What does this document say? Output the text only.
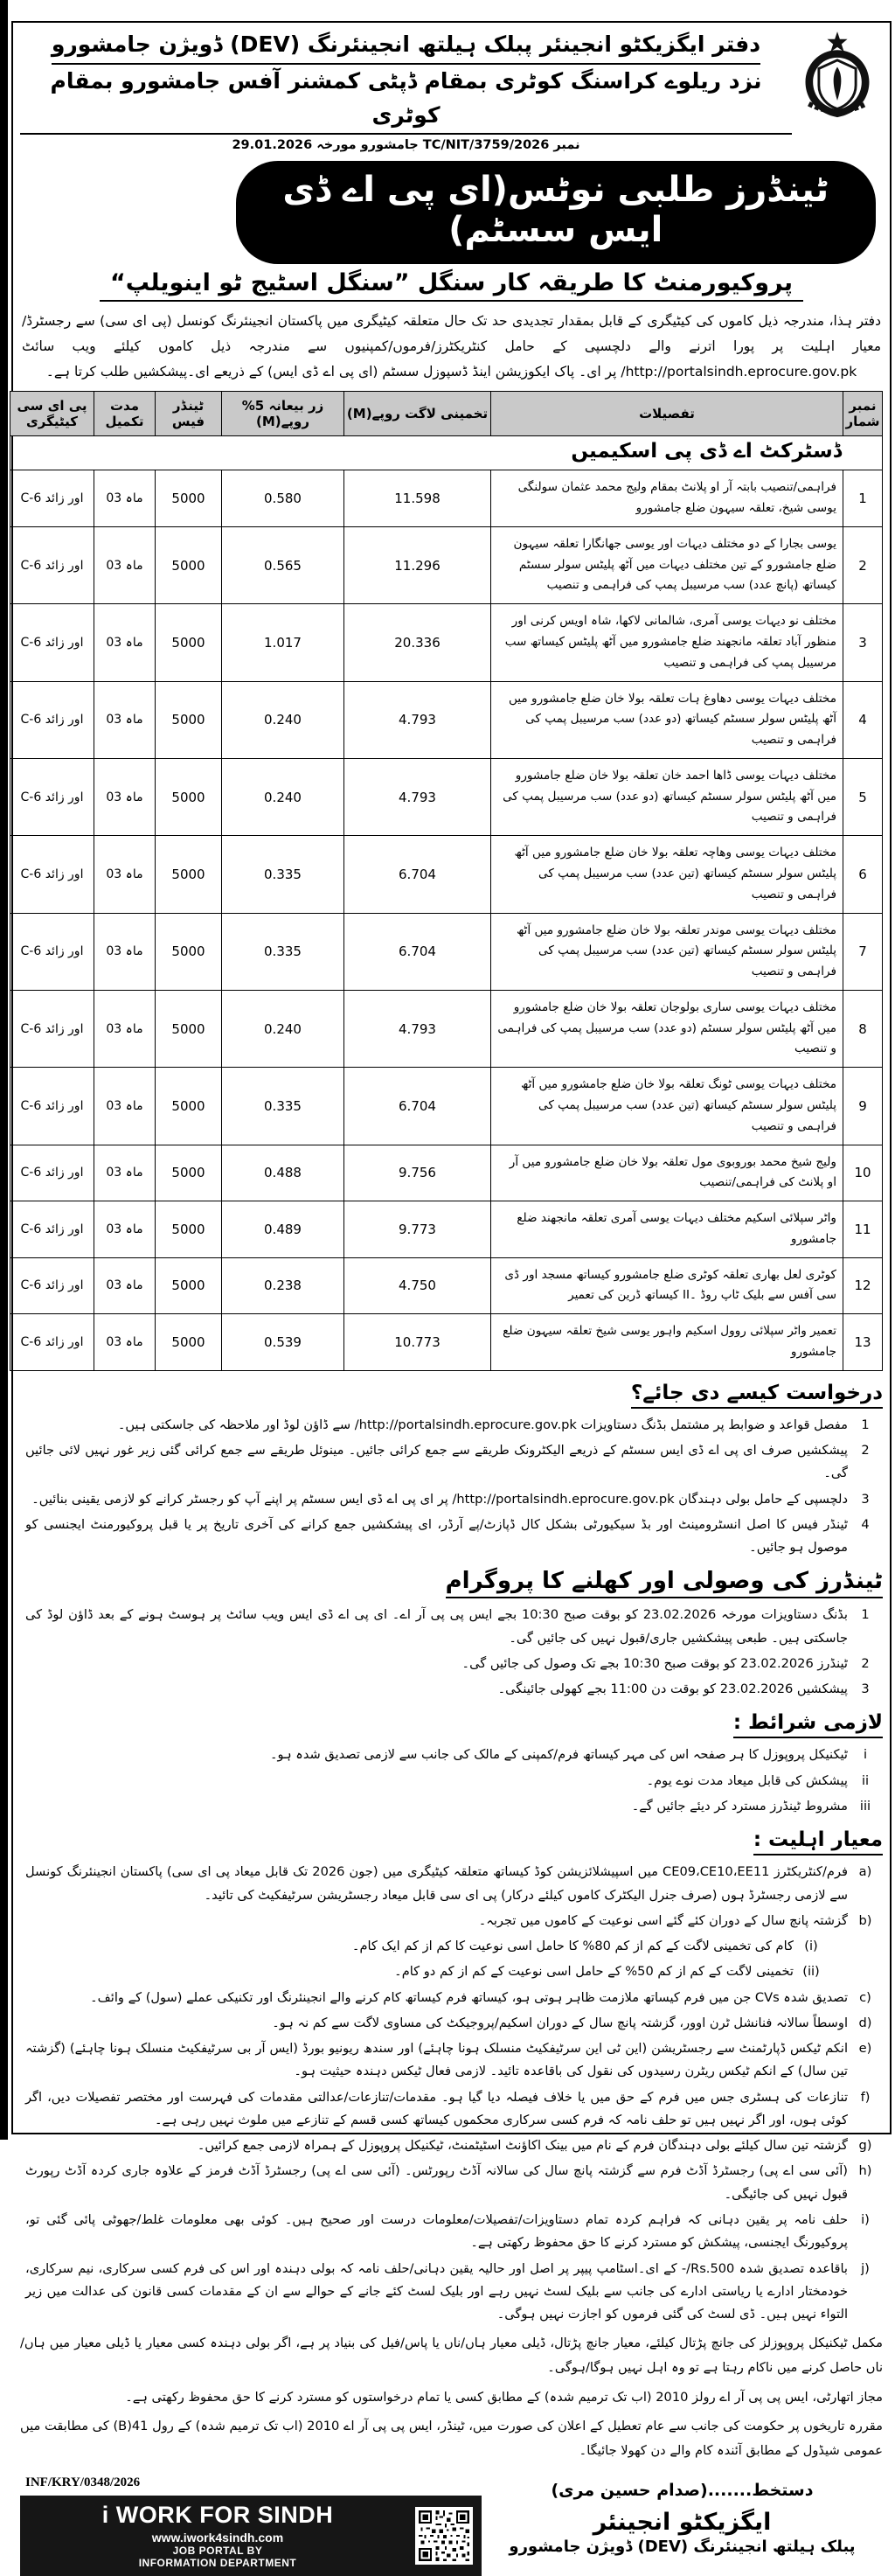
دفتر ایگزیکٹو انجینئر پبلک ہیلتھ انجینئرنگ (DEV) ڈویژن جامشورو
نزد ریلوے کراسنگ کوٹری بمقام ڈپٹی کمشنر آفس جامشورو بمقام کوٹری
نمبر TC/NIT/3759/2026 جامشورو مورخہ 29.01.2026
ٹینڈرز طلبی نوٹس(ای پی اے ڈی ایس سسٹم)
پروکیورمنٹ کا طریقہ کار سنگل ”سنگل اسٹیج ٹو اینویلپ“

دفتر ہذا، مندرجہ ذیل کاموں کی کیٹیگری کے قابل بمقدار تجدیدی حد تک حال متعلقہ کیٹیگری میں پاکستان انجینئرنگ کونسل (پی ای سی) سے رجسٹرڈ/معیار اہلیت پر پورا اترنے والے دلچسپی کے حامل کنٹریکٹرز/فرموں/کمپنیوں سے مندرجہ ذیل کاموں کیلئے ویب سائٹ http://portalsindh.eprocure.gov.pk/ پر ای۔ پاک ایکوزیشن اینڈ ڈسپوزل سسٹم (ای پی اے ڈی ایس) کے ذریعے ای۔پیشکشیں طلب کرتا ہے۔

نمبر شمار	تفصیلات	تخمینی لاگت روپے(M)	زر بیعانہ 5% روپے(M)	ٹینڈر فیس	مدت تکمیل	پی ای سی کیٹیگری
ڈسٹرکٹ اے ڈی پی اسکیمیں						
1	فراہمی/تنصیب بابتہ آر او پلانٹ بمقام ولیج محمد عثمان سولنگی یوسی شیخ، تعلقہ سیہون ضلع جامشورو	11.598	0.580	5000	03 ماہ	C-6 اور زائد
2	یوسی بجارا کے دو مختلف دیہات اور یوسی جھانگارا تعلقہ سیہون ضلع جامشورو کے تین مختلف دیہات میں آٹھ پلیٹس سولر سسٹم کیساتھ (پانچ عدد) سب مرسیبل پمپ کی فراہمی و تنصیب	11.296	0.565	5000	03 ماہ	C-6 اور زائد
3	مختلف نو دیہات یوسی آمری، شالمانی لاکھا، شاہ اویس کرنی اور منظور آباد تعلقہ مانجھند ضلع جامشورو میں آٹھ پلیٹس کیساتھ سب مرسیبل پمپ کی فراہمی و تنصیب	20.336	1.017	5000	03 ماہ	C-6 اور زائد
4	مختلف دیہات یوسی دھاوغ ہات تعلقہ بولا خان ضلع جامشورو میں آٹھ پلیٹس سولر سسٹم کیساتھ (دو عدد) سب مرسیبل پمپ کی فراہمی و تنصیب	4.793	0.240	5000	03 ماہ	C-6 اور زائد
5	مختلف دیہات یوسی ڈاھا احمد خان تعلقہ بولا خان ضلع جامشورو میں آٹھ پلیٹس سولر سسٹم کیساتھ (دو عدد) سب مرسیبل پمپ کی فراہمی و تنصیب	4.793	0.240	5000	03 ماہ	C-6 اور زائد
6	مختلف دیہات یوسی وھاچہ تعلقہ بولا خان ضلع جامشورو میں آٹھ پلیٹس سولر سسٹم کیساتھ (تین عدد) سب مرسیبل پمپ کی فراہمی و تنصیب	6.704	0.335	5000	03 ماہ	C-6 اور زائد
7	مختلف دیہات یوسی موندر تعلقہ بولا خان ضلع جامشورو میں آٹھ پلیٹس سولر سسٹم کیساتھ (تین عدد) سب مرسیبل پمپ کی فراہمی و تنصیب	6.704	0.335	5000	03 ماہ	C-6 اور زائد
8	مختلف دیہات یوسی ساری بولوجان تعلقہ بولا خان ضلع جامشورو میں آٹھ پلیٹس سولر سسٹم (دو عدد) سب مرسیبل پمپ کی فراہمی و تنصیب	4.793	0.240	5000	03 ماہ	C-6 اور زائد
9	مختلف دیہات یوسی ٹونگ تعلقہ بولا خان ضلع جامشورو میں آٹھ پلیٹس سولر سسٹم کیساتھ (تین عدد) سب مرسیبل پمپ کی فراہمی و تنصیب	6.704	0.335	5000	03 ماہ	C-6 اور زائد
10	ولیج شیخ محمد بوروبوی مول تعلقہ بولا خان ضلع جامشورو میں آر او پلانٹ کی فراہمی/تنصیب	9.756	0.488	5000	03 ماہ	C-6 اور زائد
11	واٹر سپلائی اسکیم مختلف دیہات یوسی آمری تعلقہ مانجھند ضلع جامشورو	9.773	0.489	5000	03 ماہ	C-6 اور زائد
12	کوٹری لعل بھاری تعلقہ کوٹری ضلع جامشورو کیساتھ مسجد اور ڈی سی آفس سے بلیک ٹاپ روڈ ۔II کیساتھ ڈرین کی تعمیر	4.750	0.238	5000	03 ماہ	C-6 اور زائد
13	تعمیر واٹر سپلائی روول اسکیم واہور یوسی شیخ تعلقہ سیہون ضلع جامشورو	10.773	0.539	5000	03 ماہ	C-6 اور زائد
درخواست کیسے دی جائے؟
1
مفصل قواعد و ضوابط پر مشتمل بڈنگ دستاویزات http://portalsindh.eprocure.gov.pk/ سے ڈاؤن لوڈ اور ملاحظہ کی جاسکتی ہیں۔
2
پیشکشیں صرف ای پی اے ڈی ایس سسٹم کے ذریعے الیکٹرونک طریقے سے جمع کرائی جائیں۔ مینوئل طریقے سے جمع کرائی گئی زیر غور نہیں لائی جائیں گی۔
3
دلچسپی کے حامل بولی دہندگان http://portalsindh.eprocure.gov.pk/ پر ای پی اے ڈی ایس سسٹم پر اپنے آپ کو رجسٹر کرانے کو لازمی یقینی بنائیں۔
4
ٹینڈر فیس کا اصل انسٹرومینٹ اور بڈ سیکیورٹی بشکل کال ڈپازٹ/پے آرڈر، ای پیشکشیں جمع کرانے کی آخری تاریخ پر یا قبل پروکیورمنٹ ایجنسی کو موصول ہو جائیں۔
ٹینڈرز کی وصولی اور کھلنے کا پروگرام
1
بڈنگ دستاویزات مورخہ 23.02.2026 کو بوقت صبح 10:30 بجے ایس پی پی آر اے۔ ای پی اے ڈی ایس ویب سائٹ پر ہوسٹ ہونے کے بعد ڈاؤن لوڈ کی جاسکتی ہیں۔ طبعی پیشکشیں جاری/قبول نہیں کی جائیں گی۔
2
ٹینڈرز 23.02.2026 کو بوقت صبح 10:30 بجے تک وصول کی جائیں گی۔
3
پیشکشیں 23.02.2026 کو بوقت دن 11:00 بجے کھولی جائینگی۔
لازمی شرائط :
i
ٹیکنیکل پروپوزل کا ہر صفحہ اس کی مہر کیساتھ فرم/کمپنی کے مالک کی جانب سے لازمی تصدیق شدہ ہو۔
ii
پیشکش کی قابل میعاد مدت نوے یوم۔
iii
مشروط ٹینڈرز مسترد کر دیئے جائیں گے۔
معیار اہلیت :
(a
فرم/کنٹریکٹرز CE09،CE10،EE11 میں اسپیشلائزیشن کوڈ کیساتھ متعلقہ کیٹیگری میں (جون 2026 تک قابل میعاد پی ای سی) پاکستان انجینئرنگ کونسل سے لازمی رجسٹرڈ ہوں (صرف جنرل الیکٹرک کاموں کیلئے درکار) پی ای سی قابل میعاد رجسٹریشن سرٹیفکیٹ کی تائید۔
(b
گزشتہ پانچ سال کے دوران کئے گئے اسی نوعیت کے کاموں میں تجربہ۔
(i)
کام کی تخمینی لاگت کے کم از کم 80% کا حامل اسی نوعیت کا کم از کم ایک کام۔
(ii)
تخمینی لاگت کے کم از کم 50% کے حامل اسی نوعیت کے کم از کم دو کام۔
(c
تصدیق شدہ CVs جن میں فرم کیساتھ ملازمت ظاہر ہوتی ہو، کیساتھ فرم کیساتھ کام کرنے والے انجینئرنگ اور تکنیکی عملے (سول) کے وائف۔
(d
اوسطاً سالانہ فنانشل ٹرن اوور، گزشتہ پانچ سال کے دوران اسکیم/پروجیکٹ کی مساوی لاگت سے کم نہ ہو۔
(e
انکم ٹیکس ڈپارٹمنٹ سے رجسٹریشن (این ٹی این سرٹیفکیٹ منسلک ہونا چاہئے) اور سندھ ریونیو بورڈ (ایس آر بی سرٹیفکیٹ منسلک ہونا چاہئے) (گزشتہ تین سال) کے انکم ٹیکس ریٹرن رسیدوں کی نقول کی باقاعدہ تائید۔ لازمی فعال ٹیکس دہندہ حیثیت ہو۔
(f
تنازعات کی ہسٹری جس میں فرم کے حق میں یا خلاف فیصلہ دیا گیا ہو۔ مقدمات/تنازعات/عدالتی مقدمات کی فہرست اور مختصر تفصیلات دیں، اگر کوئی ہوں، اور اگر نہیں ہیں تو حلف نامہ کہ فرم کسی سرکاری محکموں کیساتھ کسی قسم کے تنازعے میں ملوث نہیں رہی ہے۔
(g
گزشتہ تین سال کیلئے بولی دہندگان فرم کے نام میں بینک اکاؤنٹ اسٹیٹمنٹ، ٹیکنیکل پروپوزل کے ہمراہ لازمی جمع کرائیں۔
(h
(آئی سی اے پی) رجسٹرڈ آڈٹ فرم سے گزشتہ پانچ سال کی سالانہ آڈٹ رپورٹس۔ (آئی سی اے پی) رجسٹرڈ آڈٹ فرمز کے علاوہ جاری کردہ آڈٹ رپورٹ قبول نہیں کی جائیگی۔
(i
حلف نامہ پر یقین دہانی کہ فراہم کردہ تمام دستاویزات/تفصیلات/معلومات درست اور صحیح ہیں۔ کوئی بھی معلومات غلط/جھوٹی پائی گئی تو، پروکیورنگ ایجنسی، پیشکش کو مسترد کرنے کا حق محفوظ رکھتی ہے۔
(j
باقاعدہ تصدیق شدہ Rs.500/- کے ای۔اسٹامپ پیپر پر اصل اور حالیہ یقین دہانی/حلف نامہ کہ بولی دہندہ اور اس کی فرم کسی سرکاری، نیم سرکاری، خودمختار ادارے یا ریاستی ادارے کی جانب سے بلیک لسٹ نہیں رہے اور بلیک لسٹ کئے جانے کے حوالے سے ان کے مقدمات کسی قانون کی عدالت میں زیر التواء نہیں ہیں۔ ڈی لسٹ کی گئی فرموں کو اجازت نہیں ہوگی۔

مکمل ٹیکنیکل پروپوزلز کی جانچ پڑتال کیلئے، معیار جانچ پڑتال، ڈیلی معیار ہاں/ناں یا پاس/فیل کی بنیاد پر ہے، اگر بولی دہندہ کسی معیار یا ڈیلی معیار میں ہاں/ناں حاصل کرنے میں ناکام رہتا ہے تو وہ اہل نہیں ہوگا/ہوگی۔

مجاز اتھارٹی، ایس پی پی آر اے رولز 2010 (اب تک ترمیم شدہ) کے مطابق کسی یا تمام درخواستوں کو مسترد کرنے کا حق محفوظ رکھتی ہے۔

مقررہ تاریخوں پر حکومت کی جانب سے عام تعطیل کے اعلان کی صورت میں، ٹینڈر، ایس پی پی آر اے 2010 (اب تک ترمیم شدہ) کے رول 41(B) کی مطابقت میں عمومی شیڈول کے مطابق آئندہ کام والے دن کھولا جائیگا۔

دستخط.......(صدام حسین مری)
ایگزیکٹو انجینئر
پبلک ہیلتھ انجینئرنگ (DEV) ڈویژن جامشورو
INF/KRY/0348/2026
i WORK FOR SINDH
www.iwork4sindh.com
JOB PORTAL BY
INFORMATION DEPARTMENT
